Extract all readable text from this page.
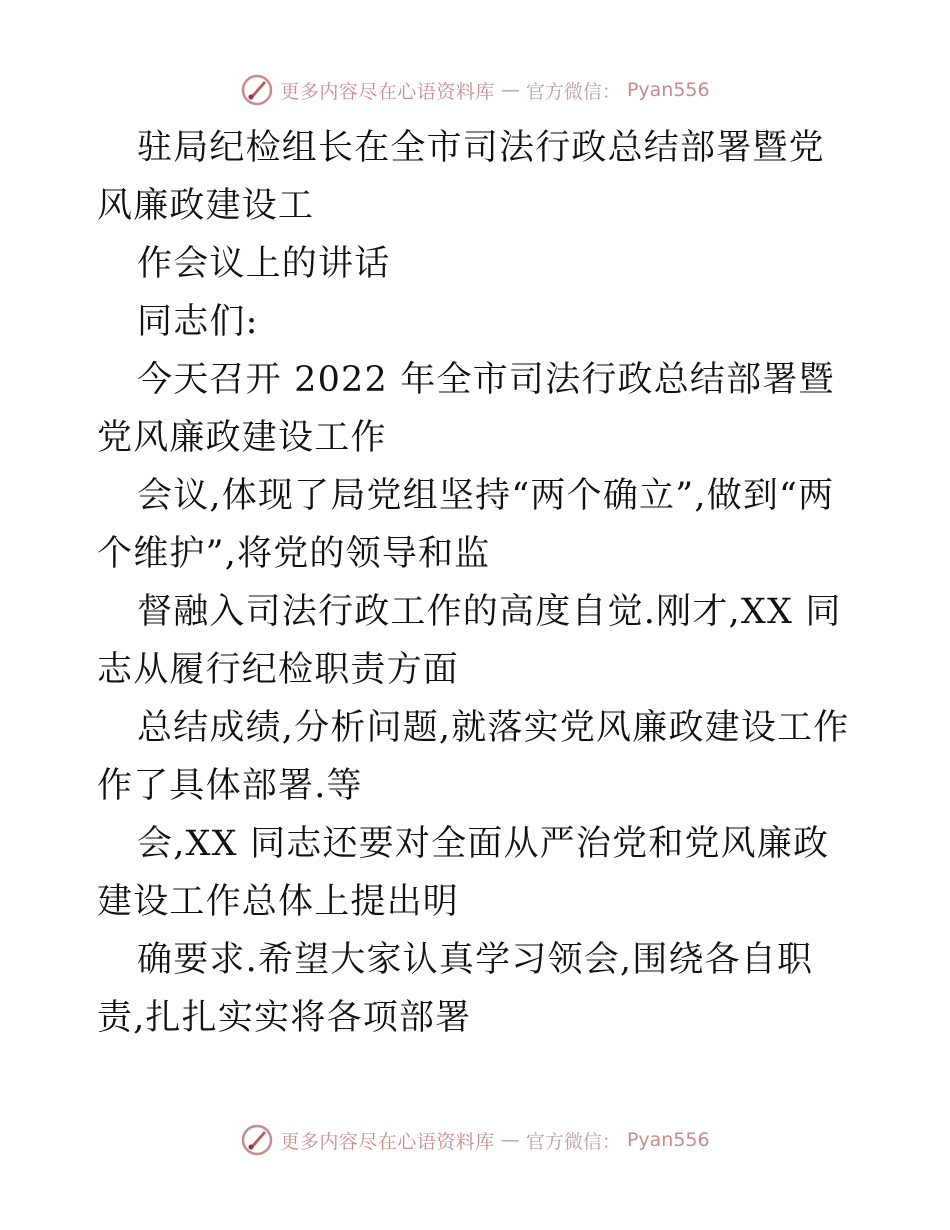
更多内容尽在心语资料库 — 官方微信： Pyan556

驻局纪检组长在全市司法行政总结部署暨党风廉政建设工

作会议上的讲话

同志们:

今天召开 2022 年全市司法行政总结部署暨党风廉政建设工作

会议,体现了局党组坚持“两个确立”,做到“两个维护”,将党的领导和监

督融入司法行政工作的高度自觉.刚才,XX 同志从履行纪检职责方面

总结成绩,分析问题,就落实党风廉政建设工作作了具体部署.等

会,XX 同志还要对全面从严治党和党风廉政建设工作总体上提出明

确要求.希望大家认真学习领会,围绕各自职责,扎扎实实将各项部署

更多内容尽在心语资料库 — 官方微信： Pyan556
